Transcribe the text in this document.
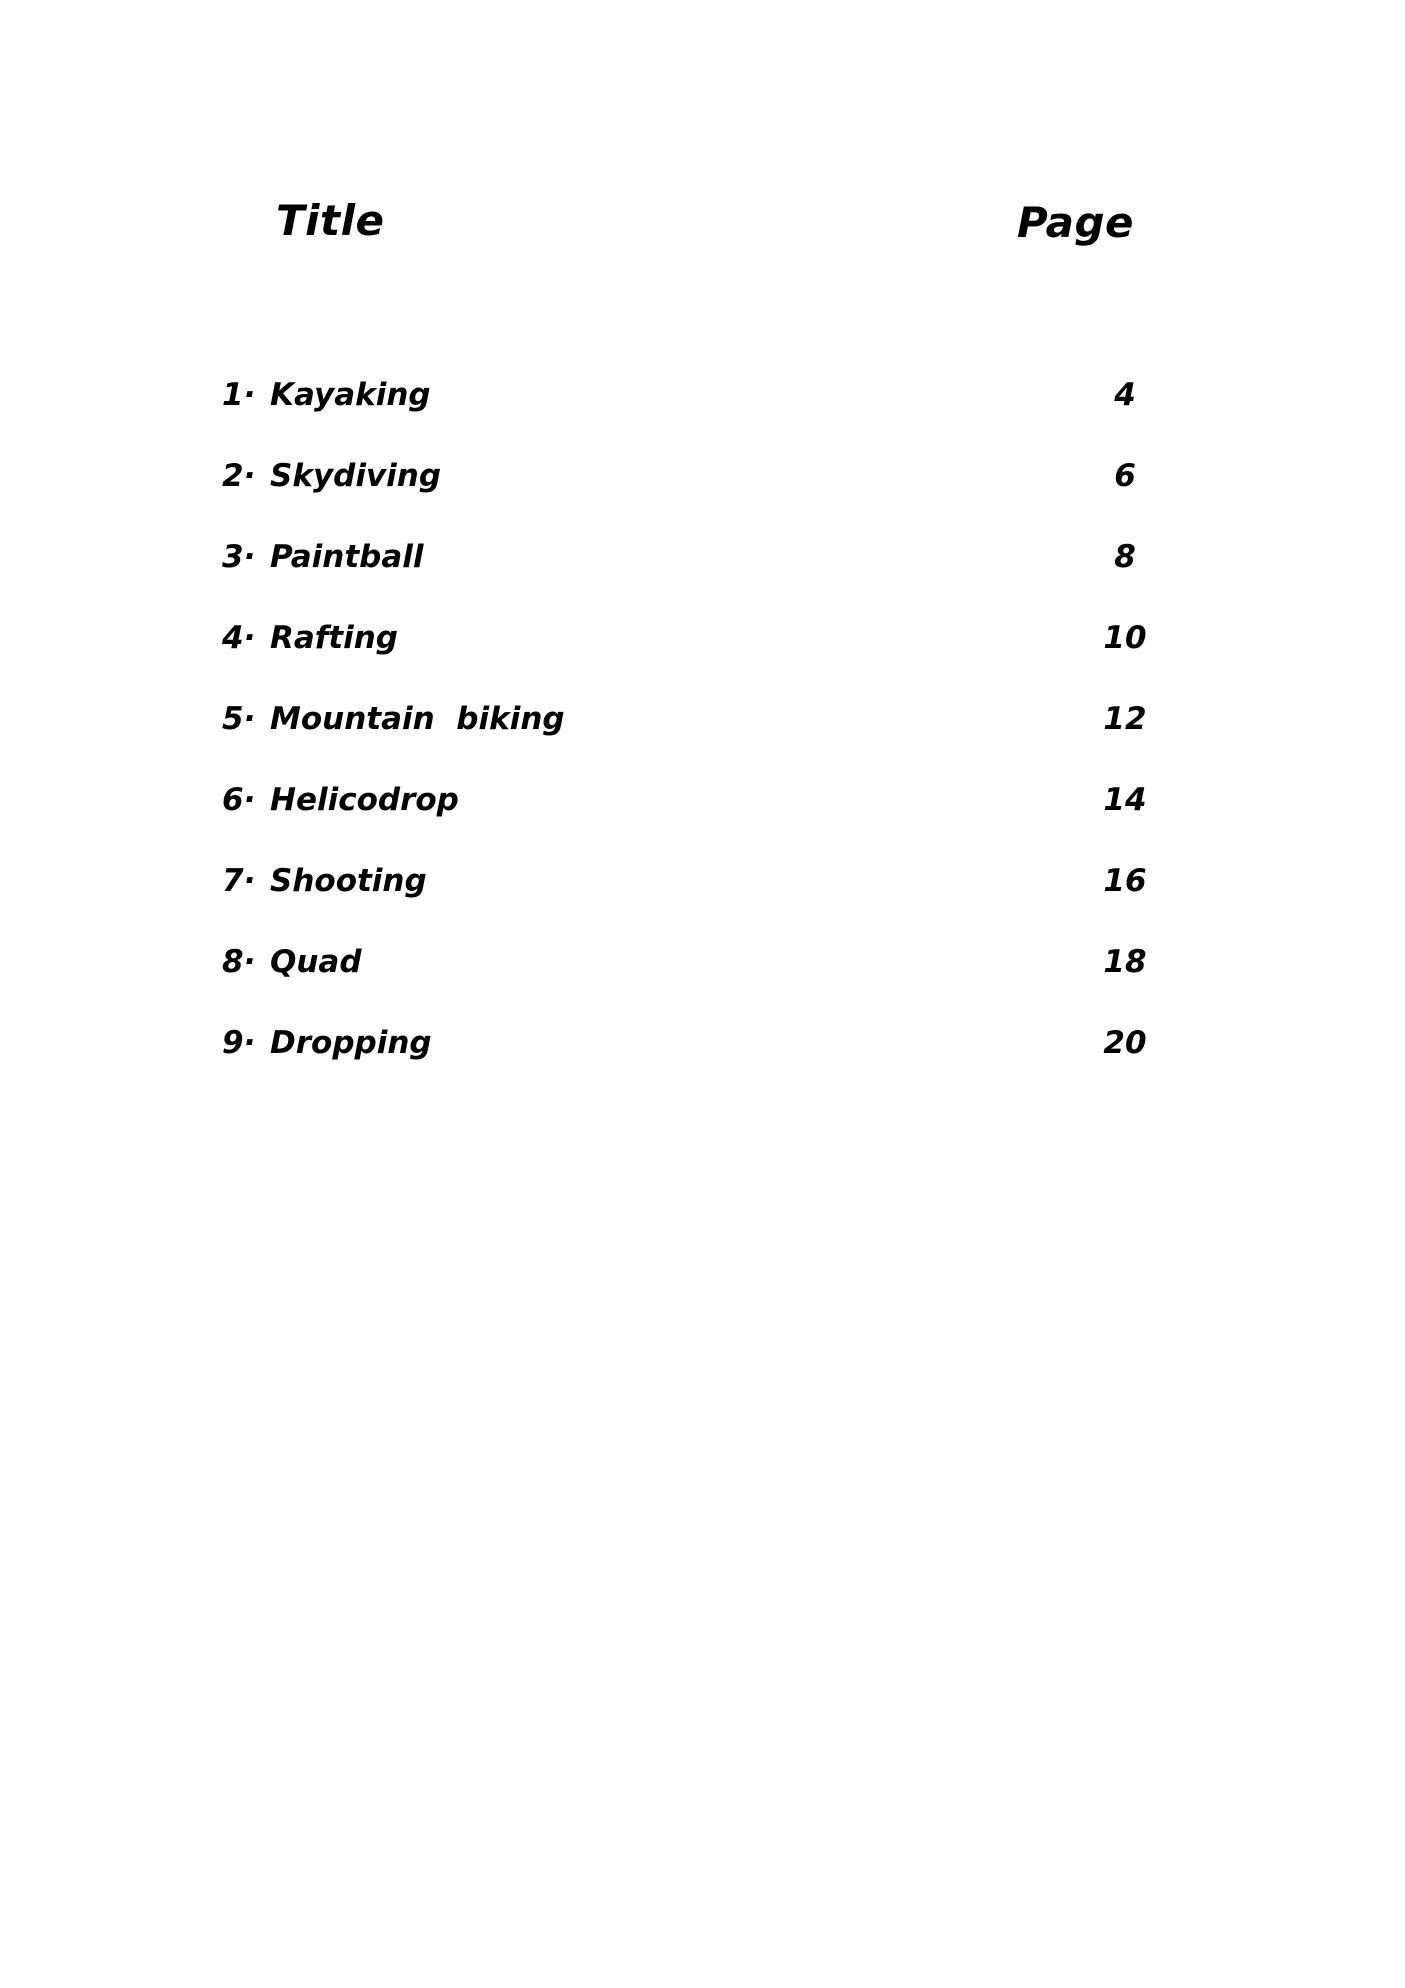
Title	Page
1· Kayaking	4
2· Skydiving	6
3· Paintball	8
4· Rafting	10
5· Mountain  biking	12
6· Helicodrop	14
7· Shooting	16
8· Quad	18
9· Dropping	20
